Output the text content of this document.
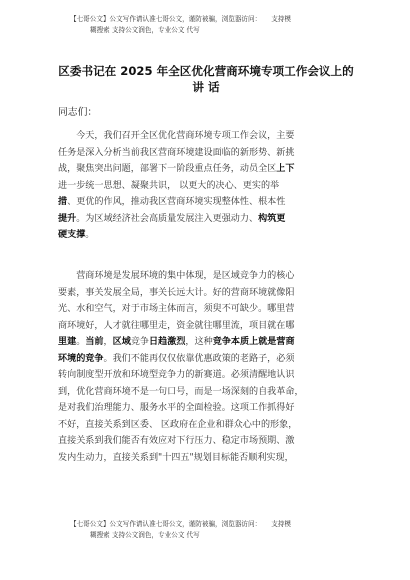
【七哥公文】公文写作请认准七哥公文，谨防被骗，浏览器访问： 支持模
糊搜索 支持公文润色，专业公文 代写
区委书记在 2025 年全区优化营商环境专项工作会议上的
讲 话
同志们：
　　今天，我们召开全区优化营商环境专项工作会议，主要
任务是深入分析当前我区营商环境建设面临的新形势、新挑
战，聚焦突出问题，部署下一阶段重点任务，动员全区上下
进一步统一思想、凝聚共识， 以更大的决心、更实的举
措、更优的作风，推动我区营商环境实现整体性、根本性
提升。为区域经济社会高质量发展注入更强动力、构筑更
硬支撑。
　　营商环境是发展环境的集中体现，是区域竞争力的核心
要素，事关发展全局，事关长远大计。好的营商环境就像阳
光、水和空气，对于市场主体而言，须臾不可缺少。哪里营
商环境好，人才就往哪里走，资金就往哪里流，项目就在哪
里建。当前，区域竞争日趋激烈，这种竞争本质上就是营商
环境的竞争。我们不能再仅仅依靠优惠政策的老路子，必须
转向制度型开放和环境型竞争力的新赛道。必须清醒地认识
到，优化营商环境不是一句口号，而是一场深刻的自我革命，
是对我们治理能力、服务水平的全面检验。这项工作抓得好
不好，直接关系到区委、 区政府在企业和群众心中的形象，
直接关系到我们能否有效应对下行压力、稳定市场预期、激
发内生动力，直接关系到"十四五"规划目标能否顺利实现，
【七哥公文】公文写作请认准七哥公文，谨防被骗，浏览器访问： 支持模
糊搜索 支持公文润色，专业公文 代写
